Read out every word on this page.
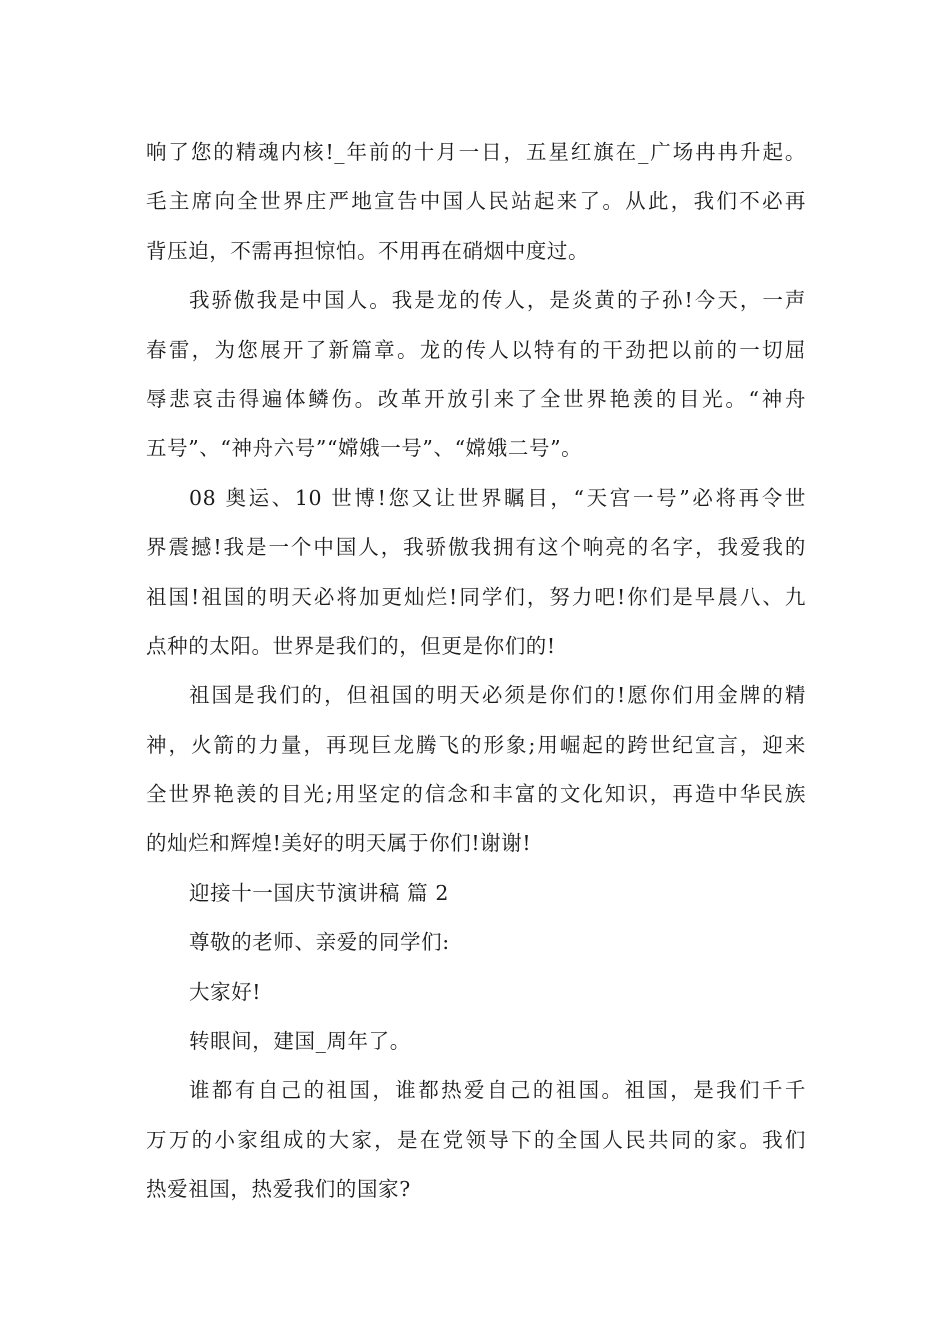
响了您的精魂内核!_年前的十月一日，五星红旗在_广场冉冉升起。
毛主席向全世界庄严地宣告中国人民站起来了。从此，我们不必再
背压迫，不需再担惊怕。不用再在硝烟中度过。
我骄傲我是中国人。我是龙的传人，是炎黄的子孙!今天，一声
春雷，为您展开了新篇章。龙的传人以特有的干劲把以前的一切屈
辱悲哀击得遍体鳞伤。改革开放引来了全世界艳羡的目光。“神舟
五号”、“神舟六号”“嫦娥一号”、“嫦娥二号”。
08 奥运、10 世博!您又让世界瞩目，“天宫一号”必将再令世
界震撼!我是一个中国人，我骄傲我拥有这个响亮的名字，我爱我的
祖国!祖国的明天必将加更灿烂!同学们，努力吧!你们是早晨八、九
点种的太阳。世界是我们的，但更是你们的!
祖国是我们的，但祖国的明天必须是你们的!愿你们用金牌的精
神，火箭的力量，再现巨龙腾飞的形象;用崛起的跨世纪宣言，迎来
全世界艳羡的目光;用坚定的信念和丰富的文化知识，再造中华民族
的灿烂和辉煌!美好的明天属于你们!谢谢!
迎接十一国庆节演讲稿 篇 2
尊敬的老师、亲爱的同学们:
大家好!
转眼间，建国_周年了。
谁都有自己的祖国，谁都热爱自己的祖国。祖国，是我们千千
万万的小家组成的大家，是在党领导下的全国人民共同的家。我们
热爱祖国，热爱我们的国家?
